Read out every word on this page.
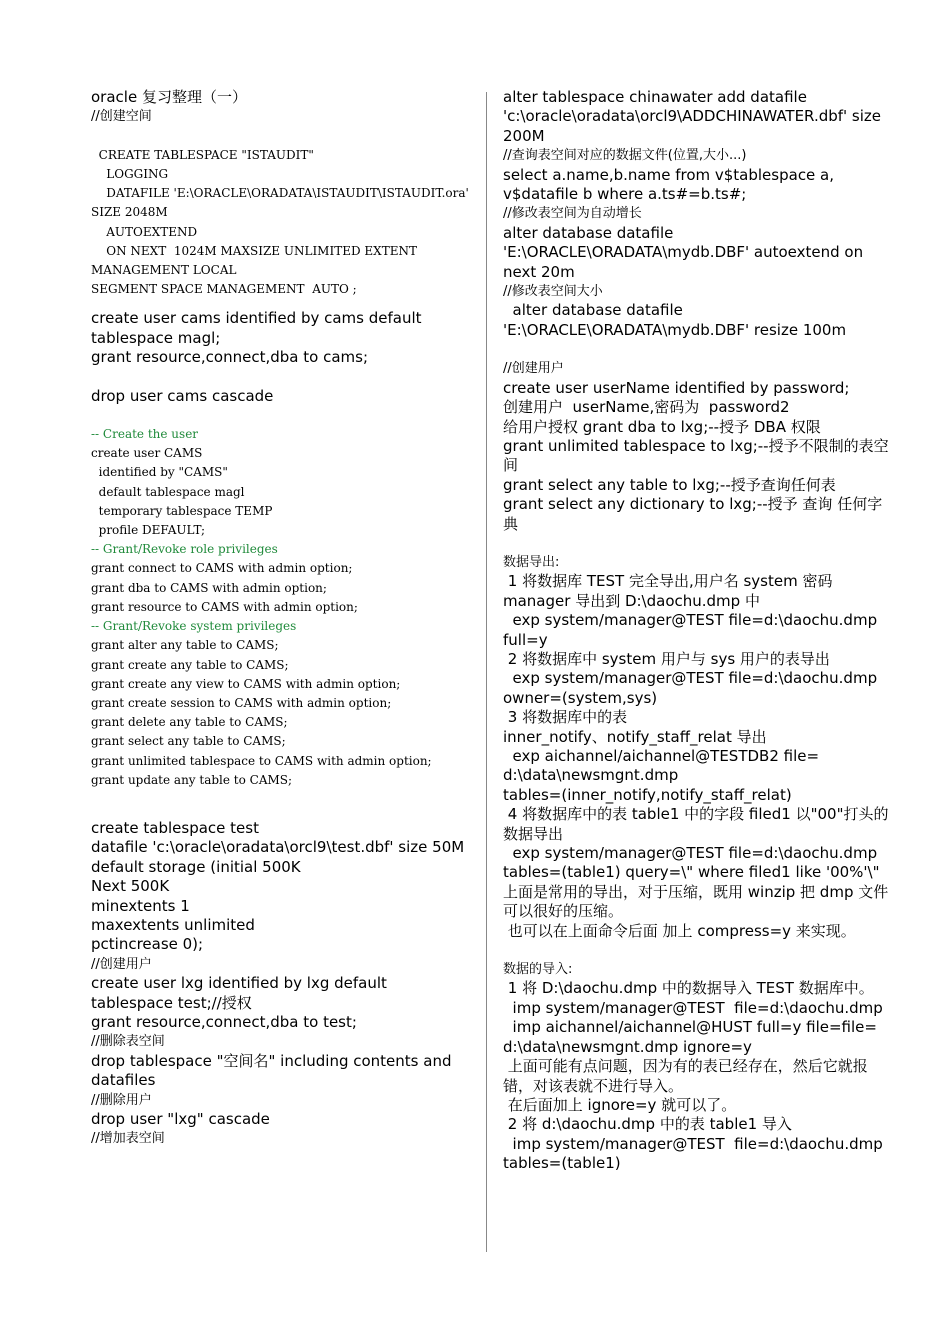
oracle 复习整理（一）
//创建空间
CREATE TABLESPACE "ISTAUDIT"
LOGGING
DATAFILE 'E:\ORACLE\ORADATA\ISTAUDIT\ISTAUDIT.ora' SIZE 2048M
AUTOEXTEND
ON NEXT  1024M MAXSIZE UNLIMITED EXTENT MANAGEMENT LOCAL
SEGMENT SPACE MANAGEMENT  AUTO ;
create user cams identified by cams default tablespace magl;
grant resource,connect,dba to cams;
drop user cams cascade
-- Create the user
create user CAMS
identified by "CAMS"
default tablespace magl
temporary tablespace TEMP
profile DEFAULT;
-- Grant/Revoke role privileges
grant connect to CAMS with admin option;
grant dba to CAMS with admin option;
grant resource to CAMS with admin option;
-- Grant/Revoke system privileges
grant alter any table to CAMS;
grant create any table to CAMS;
grant create any view to CAMS with admin option;
grant create session to CAMS with admin option;
grant delete any table to CAMS;
grant select any table to CAMS;
grant unlimited tablespace to CAMS with admin option;
grant update any table to CAMS;
create tablespace test
datafile 'c:\oracle\oradata\orcl9\test.dbf' size 50M
default storage (initial 500K
Next 500K
minextents 1
maxextents unlimited
pctincrease 0);
//创建用户
create user lxg identified by lxg default tablespace test;//授权
grant resource,connect,dba to test;
//删除表空间
drop tablespace "空间名" including contents and datafiles
//删除用户
drop user "lxg" cascade
//增加表空间
alter tablespace chinawater add datafile 'c:\oracle\oradata\orcl9\ADDCHINAWATER.dbf' size 200M
//查询表空间对应的数据文件(位置,大小...)
select a.name,b.name from v$tablespace a, v$datafile b where a.ts#=b.ts#;
//修改表空间为自动增长
alter database datafile 'E:\ORACLE\ORADATA\mydb.DBF' autoextend on next 20m
//修改表空间大小
alter database datafile 'E:\ORACLE\ORADATA\mydb.DBF' resize 100m
//创建用户
create user userName identified by password;
创建用户  userName,密码为  password2
给用户授权 grant dba to lxg;--授予 DBA 权限
grant unlimited tablespace to lxg;--授予不限制的表空间
grant select any table to lxg;--授予查询任何表
grant select any dictionary to lxg;--授予 查询 任何字典
数据导出:
1 将数据库 TEST 完全导出,用户名 system 密码 manager 导出到 D:\daochu.dmp 中
exp system/manager@TEST file=d:\daochu.dmp full=y
2 将数据库中 system 用户与 sys 用户的表导出
exp system/manager@TEST file=d:\daochu.dmp owner=(system,sys)
3 将数据库中的表
inner_notify、notify_staff_relat 导出
exp aichannel/aichannel@TESTDB2 file= d:\data\newsmgnt.dmp
tables=(inner_notify,notify_staff_relat)
4 将数据库中的表 table1 中的字段 filed1 以"00"打头的数据导出
exp system/manager@TEST file=d:\daochu.dmp tables=(table1) query=\" where filed1 like '00%'\" 上面是常用的导出，对于压缩，既用 winzip 把 dmp 文件可以很好的压缩。
也可以在上面命令后面 加上 compress=y 来实现。
数据的导入:
1 将 D:\daochu.dmp 中的数据导入 TEST 数据库中。
imp system/manager@TEST  file=d:\daochu.dmp
imp aichannel/aichannel@HUST full=y file=file= d:\data\newsmgnt.dmp ignore=y
上面可能有点问题，因为有的表已经存在，然后它就报错，对该表就不进行导入。
在后面加上 ignore=y 就可以了。
2 将 d:\daochu.dmp 中的表 table1 导入
imp system/manager@TEST  file=d:\daochu.dmp  tables=(table1)
